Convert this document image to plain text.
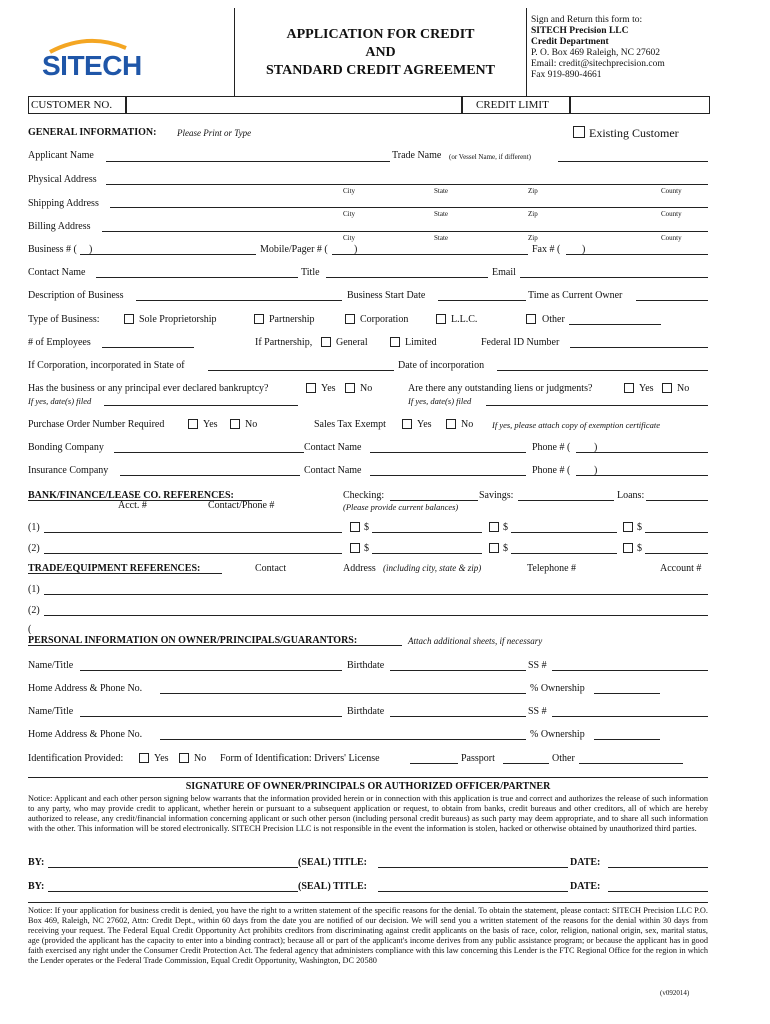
SITECH
APPLICATION FOR CREDIT
AND
STANDARD CREDIT AGREEMENT
Sign and Return this form to:
SITECH Precision LLC
Credit Department
P. O. Box 469 Raleigh, NC 27602
Email: credit@sitechprecision.com
Fax 919-890-4661
CUSTOMER NO.	CREDIT LIMIT
GENERAL INFORMATION: Please Print or Type	Existing Customer
Applicant Name	Trade Name (or Vessel Name, if different)
Physical Address
City	State	Zip	County
Shipping Address
City	State	Zip	County
Billing Address
City	State	Zip	County
Business # ( )	Mobile/Pager # (	)	Fax # ( )
Contact Name	Title	Email
Description of Business	Business Start Date	Time as Current Owner
Type of Business:	Sole Proprietorship	Partnership	Corporation	L.L.C.	Other
# of Employees	If Partnership, General	Limited	Federal ID Number
If Corporation, incorporated in State of	Date of incorporation
Has the business or any principal ever declared bankruptcy?	Yes No
If yes, date(s) filed
Are there any outstanding liens or judgments?	Yes No
If yes, date(s) filed
Purchase Order Number Required	Yes	No	Sales Tax Exempt	Yes	No If yes, please attach copy of exemption certificate
Bonding Company	Contact Name	Phone # ( )
Insurance Company	Contact Name	Phone # ( )
BANK/FINANCE/LEASE CO. REFERENCES:
Acct. #	Contact/Phone #
Checking:	Savings:	Loans:
(Please provide current balances)
(1)	$	$	$
(2)	$	$	$
TRADE/EQUIPMENT REFERENCES:	Contact	Address (including city, state & zip)	Telephone #	Account #
(1)
(2)
(
PERSONAL INFORMATION ON OWNER/PRINCIPALS/GUARANTORS:	Attach additional sheets, if necessary
Name/Title	Birthdate	SS #
Home Address & Phone No.	% Ownership
Name/Title	Birthdate	SS #
Home Address & Phone No.	% Ownership
Identification Provided:	Yes	No Form of Identification: Drivers' License	Passport	Other
SIGNATURE OF OWNER/PRINCIPALS OR AUTHORIZED OFFICER/PARTNER
Notice: Applicant and each other person signing below warrants that the information provided herein or in connection with this application is true and correct and authorizes the release of such information to any party, who may provide credit to applicant, whether herein or pursuant to a subsequent application or request, to obtain from banks, credit bureaus and other creditors, all of which are hereby authorized to release, any credit/financial information concerning applicant or such other person (including personal credit bureaus) as such party may deem appropriate, and to share all such information with the other. This information will be stored electronically. SITECH Precision LLC is not responsible in the event the information is stolen, hacked or otherwise obtained by unauthorized third parties.
BY:	(SEAL) TITLE:	DATE:
BY:	(SEAL) TITLE:	DATE:
Notice: If your application for business credit is denied, you have the right to a written statement of the specific reasons for the denial. To obtain the statement, please contact: SITECH Precision LLC P.O. Box 469, Raleigh, NC 27602, Attn: Credit Dept., within 60 days from the date you are notified of our decision. We will send you a written statement of the reasons for the denial within 30 days from receiving your request. The Federal Equal Credit Opportunity Act prohibits creditors from discriminating against credit applicants on the basis of race, color, religion, national origin, sex, marital status, age (provided the applicant has the capacity to enter into a binding contract); because all or part of the applicant's income derives from any public assistance program; or because the applicant has in good faith exercised any right under the Consumer Credit Protection Act. The federal agency that administers compliance with this law concerning this Lender is the FTC Regional Office for the region in which the Lender operates or the Federal Trade Commission, Equal Credit Opportunity, Washington, DC 20580
(v092014)
